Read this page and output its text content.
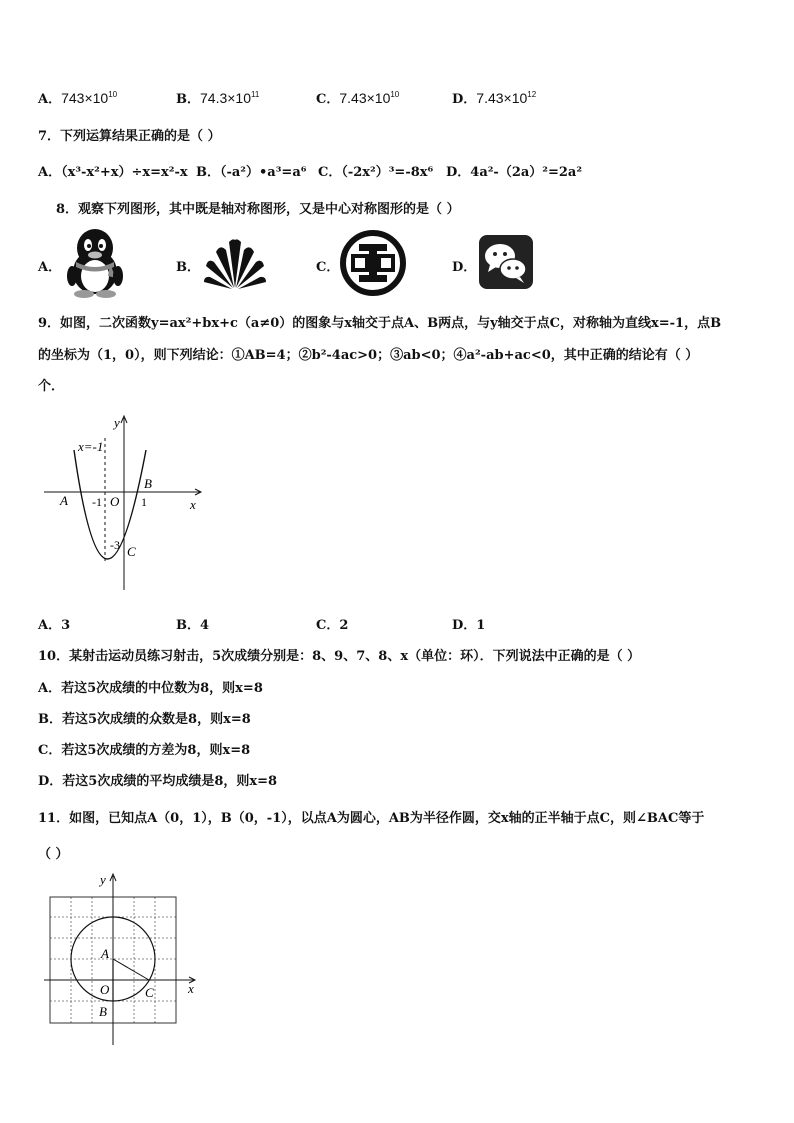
A．$743\times 10^{10}$	B．$74.3\times 10^{11}$	C．$7.43\times 10^{10}$	D．$7.43\times 10^{12}$
7．下列运算结果正确的是（ ）
A．（x³-x²+x）÷x=x²-x B．（-a²）•a³=a⁶ C．（-2x²）³=-8x⁶ D．4a²-（2a）²=2a²
8．观察下列图形，其中既是轴对称图形，又是中心对称图形的是（ ）
A．	B．	C．	D．
9．如图，二次函数y=ax²+bx+c（a≠0）的图象与x轴交于点A、B两点，与y轴交于点C，对称轴为直线x=-1，点B
的坐标为（1，0），则下列结论：①AB=4；②b²-4ac>0；③ab<0；④a²-ab+ac<0，其中正确的结论有（ ）
个．
x=-1
y
x
A
B
C
O
-1	1
-3
A．3	B．4	C．2	D．1
10．某射击运动员练习射击，5次成绩分别是：8、9、7、8、x（单位：环）．下列说法中正确的是（ ）
A．若这5次成绩的中位数为8，则x=8
B．若这5次成绩的众数是8，则x=8
C．若这5次成绩的方差为8，则x=8
D．若这5次成绩的平均成绩是8，则x=8
11．如图，已知点A（0，1），B（0，-1），以点A为圆心，AB为半径作圆，交x轴的正半轴于点C，则∠BAC等于
（ ）
y
x
A
O
B
C
